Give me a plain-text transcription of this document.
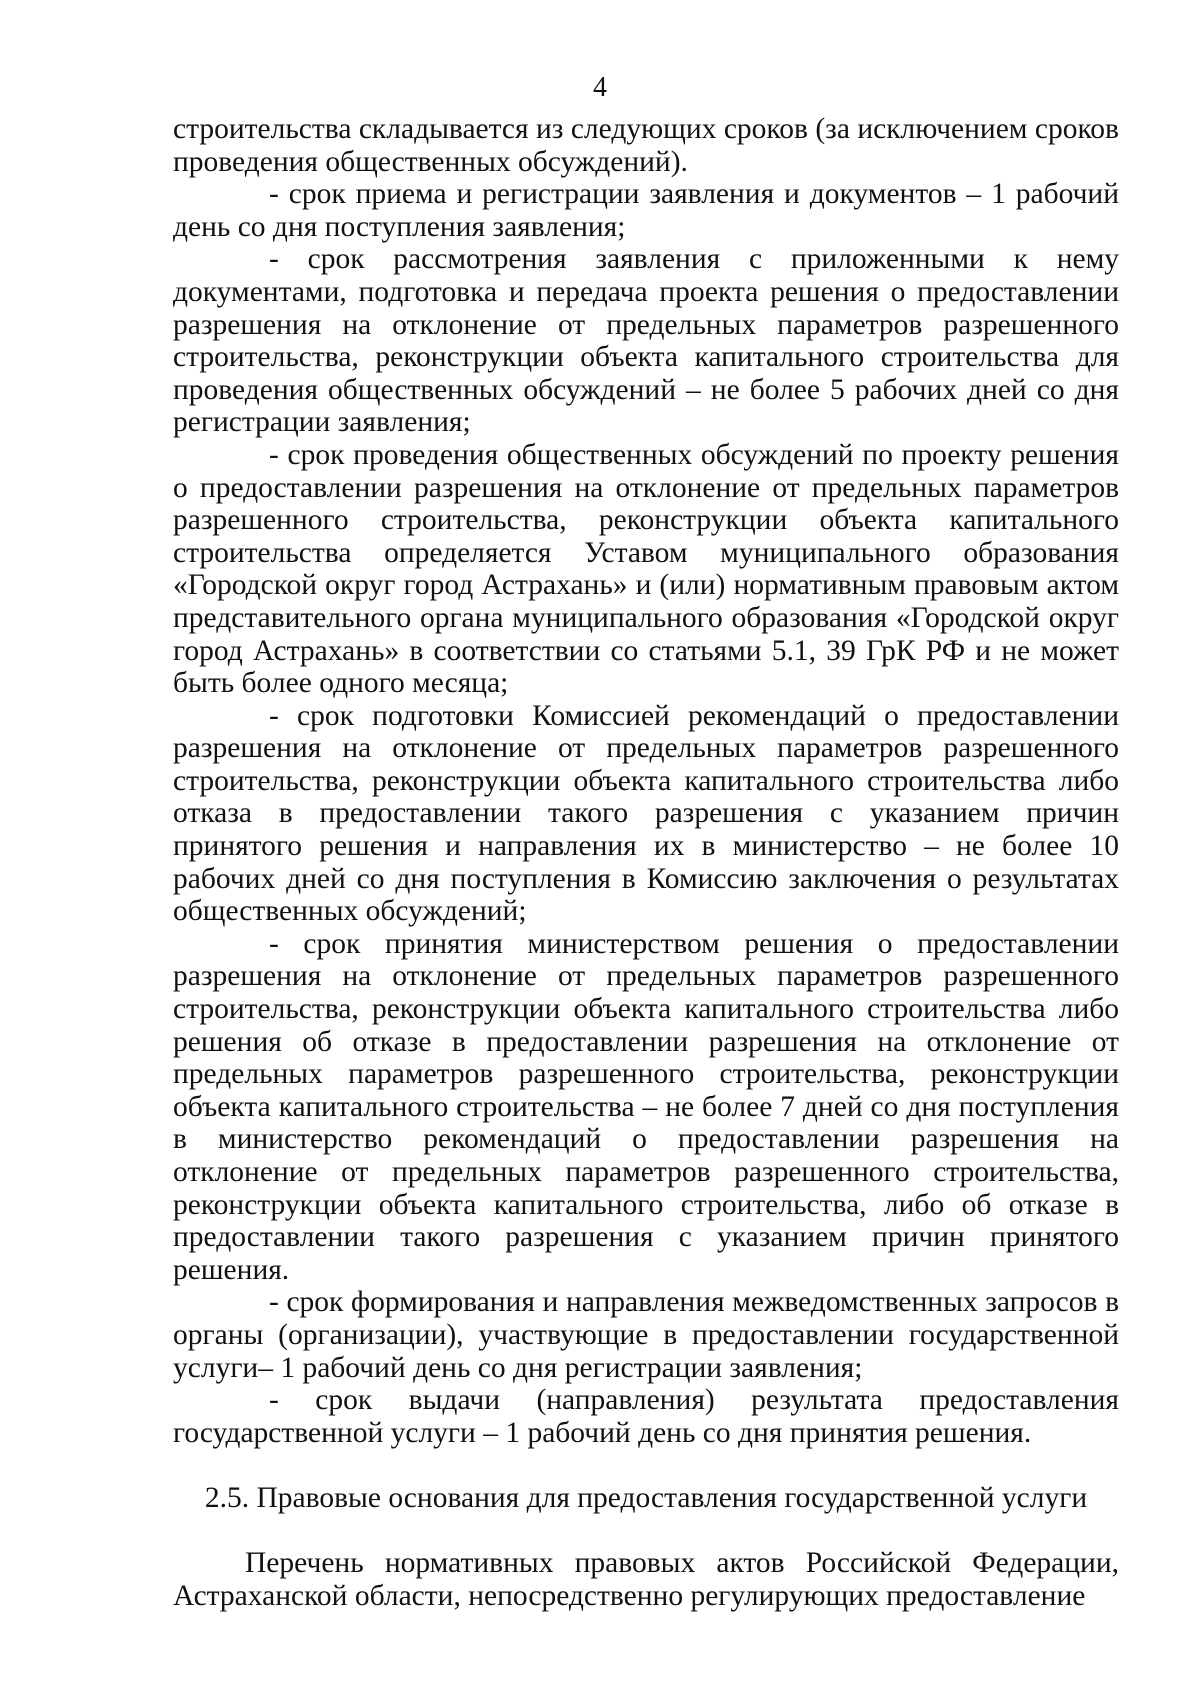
4

строительства складывается из следующих сроков (за исключением сроков проведения общественных обсуждений).

- срок приема и регистрации заявления и документов – 1 рабочий день со дня поступления заявления;

- срок рассмотрения заявления с приложенными к нему документами, подготовка и передача проекта решения о предоставлении разрешения на отклонение от предельных параметров разрешенного строительства, реконструкции объекта капитального строительства для проведения общественных обсуждений – не более 5 рабочих дней со дня регистрации заявления;

- срок проведения общественных обсуждений по проекту решения о предоставлении разрешения на отклонение от предельных параметров разрешенного строительства, реконструкции объекта капитального строительства определяется Уставом муниципального образования «Городской округ город Астрахань» и (или) нормативным правовым актом представительного органа муниципального образования «Городской округ город Астрахань» в соответствии со статьями 5.1, 39 ГрК РФ и не может быть более одного месяца;

- срок подготовки Комиссией рекомендаций о предоставлении разрешения на отклонение от предельных параметров разрешенного строительства, реконструкции объекта капитального строительства либо отказа в предоставлении такого разрешения с указанием причин принятого решения и направления их в министерство – не более 10 рабочих дней со дня поступления в Комиссию заключения о результатах общественных обсуждений;

- срок принятия министерством решения о предоставлении разрешения на отклонение от предельных параметров разрешенного строительства, реконструкции объекта капитального строительства либо решения об отказе в предоставлении разрешения на отклонение от предельных параметров разрешенного строительства, реконструкции объекта капитального строительства – не более 7 дней со дня поступления в министерство рекомендаций о предоставлении разрешения на отклонение от предельных параметров разрешенного строительства, реконструкции объекта капитального строительства, либо об отказе в предоставлении такого разрешения с указанием причин принятого решения.

- срок формирования и направления межведомственных запросов в органы (организации), участвующие в предоставлении государственной услуги– 1 рабочий день со дня регистрации заявления;

- срок выдачи (направления) результата предоставления государственной услуги – 1 рабочий день со дня принятия решения.

2.5. Правовые основания для предоставления государственной услуги

Перечень нормативных правовых актов Российской Федерации, Астраханской области, непосредственно регулирующих предоставление
